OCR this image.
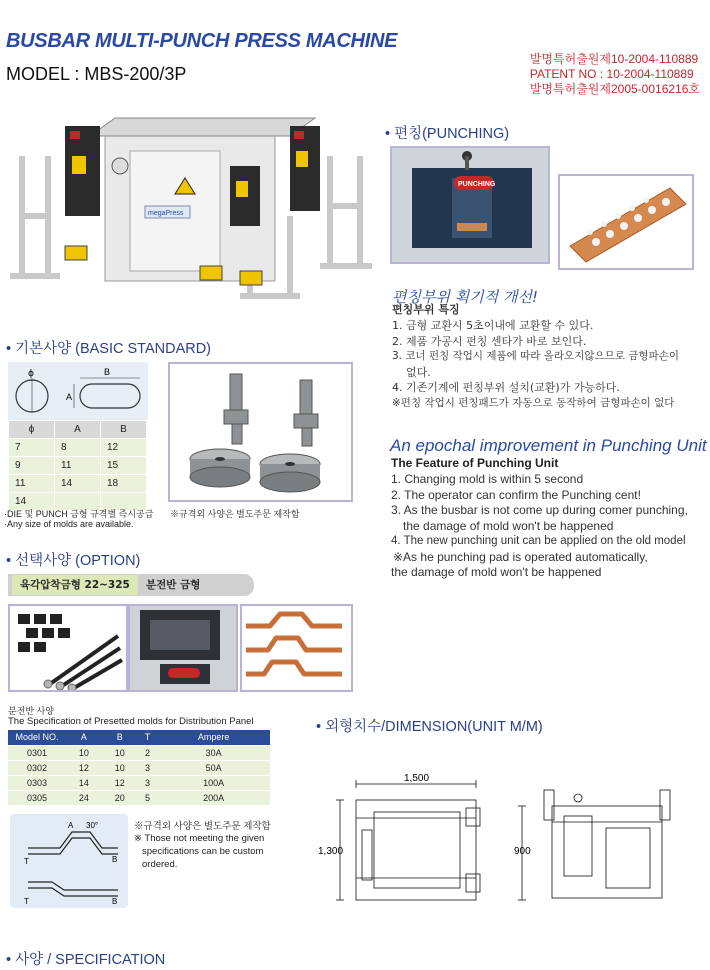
BUSBAR MULTI-PUNCH PRESS MACHINE
MODEL : MBS-200/3P
발명특허출원제10-2004-110889
PATENT NO : 10-2004-110889
발명특허출원제2005-0016216호
megaPress
• 편칭(PUNCHING)
PUNCHING
편칭부위 획기적 개선!
편칭부위 특징
1. 금형 교환시 5초이내에 교환할 수 있다.
2. 제품 가공시 펀칭 센타가 바로 보인다.
3. 코너 펀칭 작업시 제품에 따라 올라오지않으므로 금형파손이
없다.
4. 기존기계에 펀칭부위 설치(교환)가 가능하다.
※편칭 작업시 펀칭패드가 자동으로 동작하여 금형파손이 없다
An epochal improvement in Punching Unit
The Feature of Punching Unit
1. Changing mold is within 5 second
2. The operator can confirm the Punching cent!
3. As the busbar is not come up during comer punching,
the damage of mold won't be happened
4. The new punching unit can be applied on the old model
※As he punching pad is operated automatically,
the damage of mold won't be happened
• 기본사양 (BASIC STANDARD)
ϕ	B
A
ϕ	A	B
7	8	12
9	11	15
11	14	18
14		
·DIE 및 PUNCH 금형 규격별 즉시공급
·Any size of molds are available.
※규격외 사양은 별도주문 제작함
• 선택사양 (OPTION)
육각압착금형 22~325	분전반 금형
분전반 사양
The Specification of Presetted molds for Distribution Panel
Model NO.	A	B	T	Ampere
0301	10	10	2	30A
0302	12	10	3	50A
0303	14	12	3	100A
0305	24	20	5	200A
A 30°
B
T
B
T
※규격외 사양은 별도주문 제작함
※ Those not meeting the given
specifications can be custom
ordered.
• 외형치수/DIMENSION(UNIT M/M)
1,500
1,300	900
• 사양 / SPECIFICATION
